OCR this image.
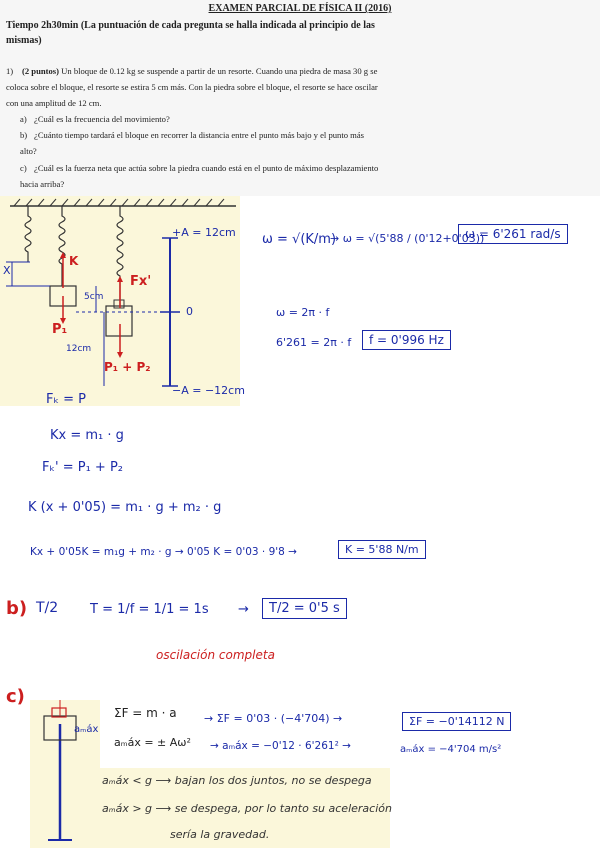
EXAMEN PARCIAL DE FÍSICA II (2016)
Tiempo 2h30min (La puntuación de cada pregunta se halla indicada al principio de las mismas)
1) (2 puntos) Un bloque de 0.12 kg se suspende a partir de un resorte. Cuando una piedra de masa 30 g se coloca sobre el bloque, el resorte se estira 5 cm más. Con la piedra sobre el bloque, el resorte se hace oscilar con una amplitud de 12 cm.
a) ¿Cuál es la frecuencia del movimiento?
b) ¿Cuánto tiempo tardará el bloque en recorrer la distancia entre el punto más bajo y el punto más alto?
c) ¿Cuál es la fuerza neta que actúa sobre la piedra cuando está en el punto de máximo desplazamiento hacia arriba?
X
K
Fx'
5cm
12cm
+A = 12cm
0
−A = −12cm
P₁
P₁ + P₂
ω = √(K/m)
→ ω = √(5'88 / (0'12+0'03))
ω = 6'261 rad/s
ω = 2π · f
6'261 = 2π · f	f = 0'996 Hz
Fₖ = P
Kx = m₁ · g
Fₖ' = P₁ + P₂
K (x + 0'05) = m₁ · g + m₂ · g
Kx + 0'05K = m₁g + m₂ · g → 0'05 K = 0'03 · 9'8 →	K = 5'88 N/m
b) T/2 T = 1/f = 1/1 = 1s →	T/2 = 0'5 s
oscilación completa
c)
aₘáx
ΣF = m · a → ΣF = 0'03 · (−4'704) →	ΣF = −0'14112 N
aₘáx = ± Aω² → aₘáx = −0'12 · 6'261² →	aₘáx = −4'704 m/s²
aₘáx < g ⟶ bajan los dos juntos, no se despega
aₘáx > g ⟶ se despega, por lo tanto su aceleración
sería la gravedad.
